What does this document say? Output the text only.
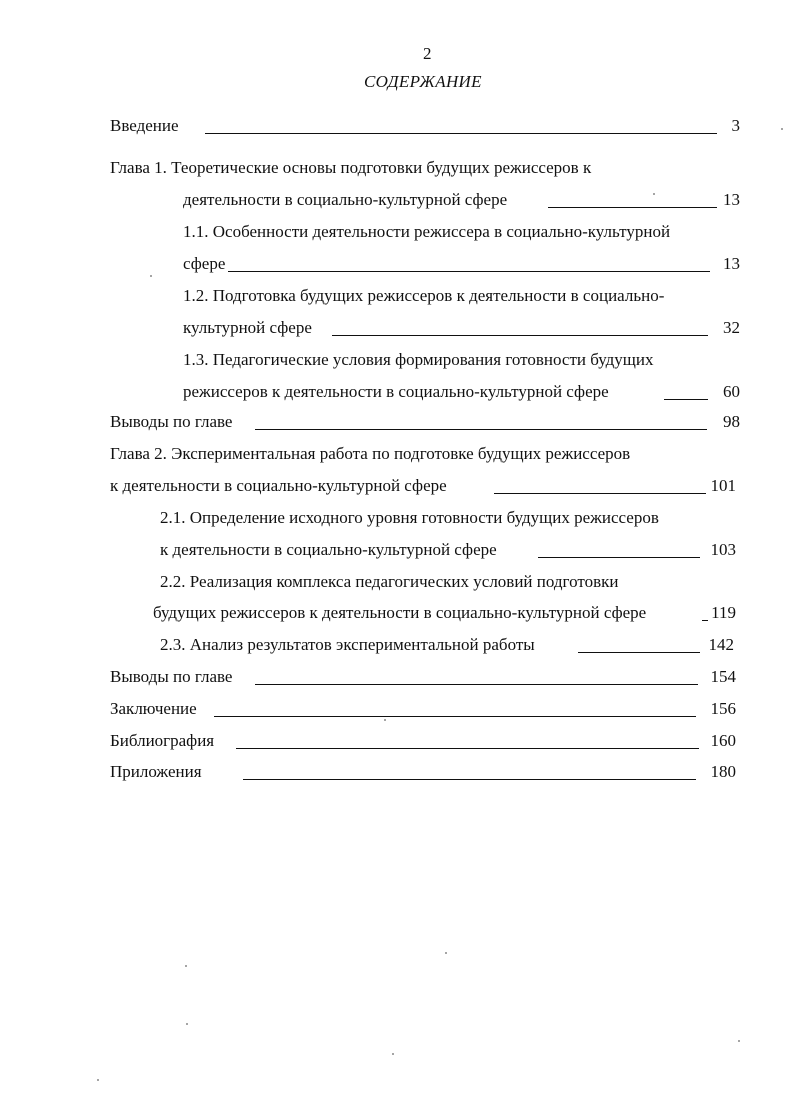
2
СОДЕРЖАНИЕ
Введение	3
Глава 1. Теоретические основы подготовки будущих режиссеров к
деятельности в социально-культурной сфере	13
1.1. Особенности деятельности режиссера в социально-культурной
сфере	13
1.2. Подготовка будущих режиссеров к деятельности в социально-
культурной сфере	32
1.3. Педагогические условия формирования готовности будущих
режиссеров к деятельности в социально-культурной сфере	60
Выводы по главе	98
Глава 2. Экспериментальная работа по подготовке будущих режиссеров
к деятельности в социально-культурной сфере	101
2.1. Определение исходного уровня готовности будущих режиссеров
к деятельности в социально-культурной сфере	103
2.2. Реализация комплекса педагогических условий подготовки
будущих режиссеров к деятельности в социально-культурной сфере	119
2.3. Анализ результатов экспериментальной работы	142
Выводы по главе	154
Заключение	156
Библиография	160
Приложения	180
